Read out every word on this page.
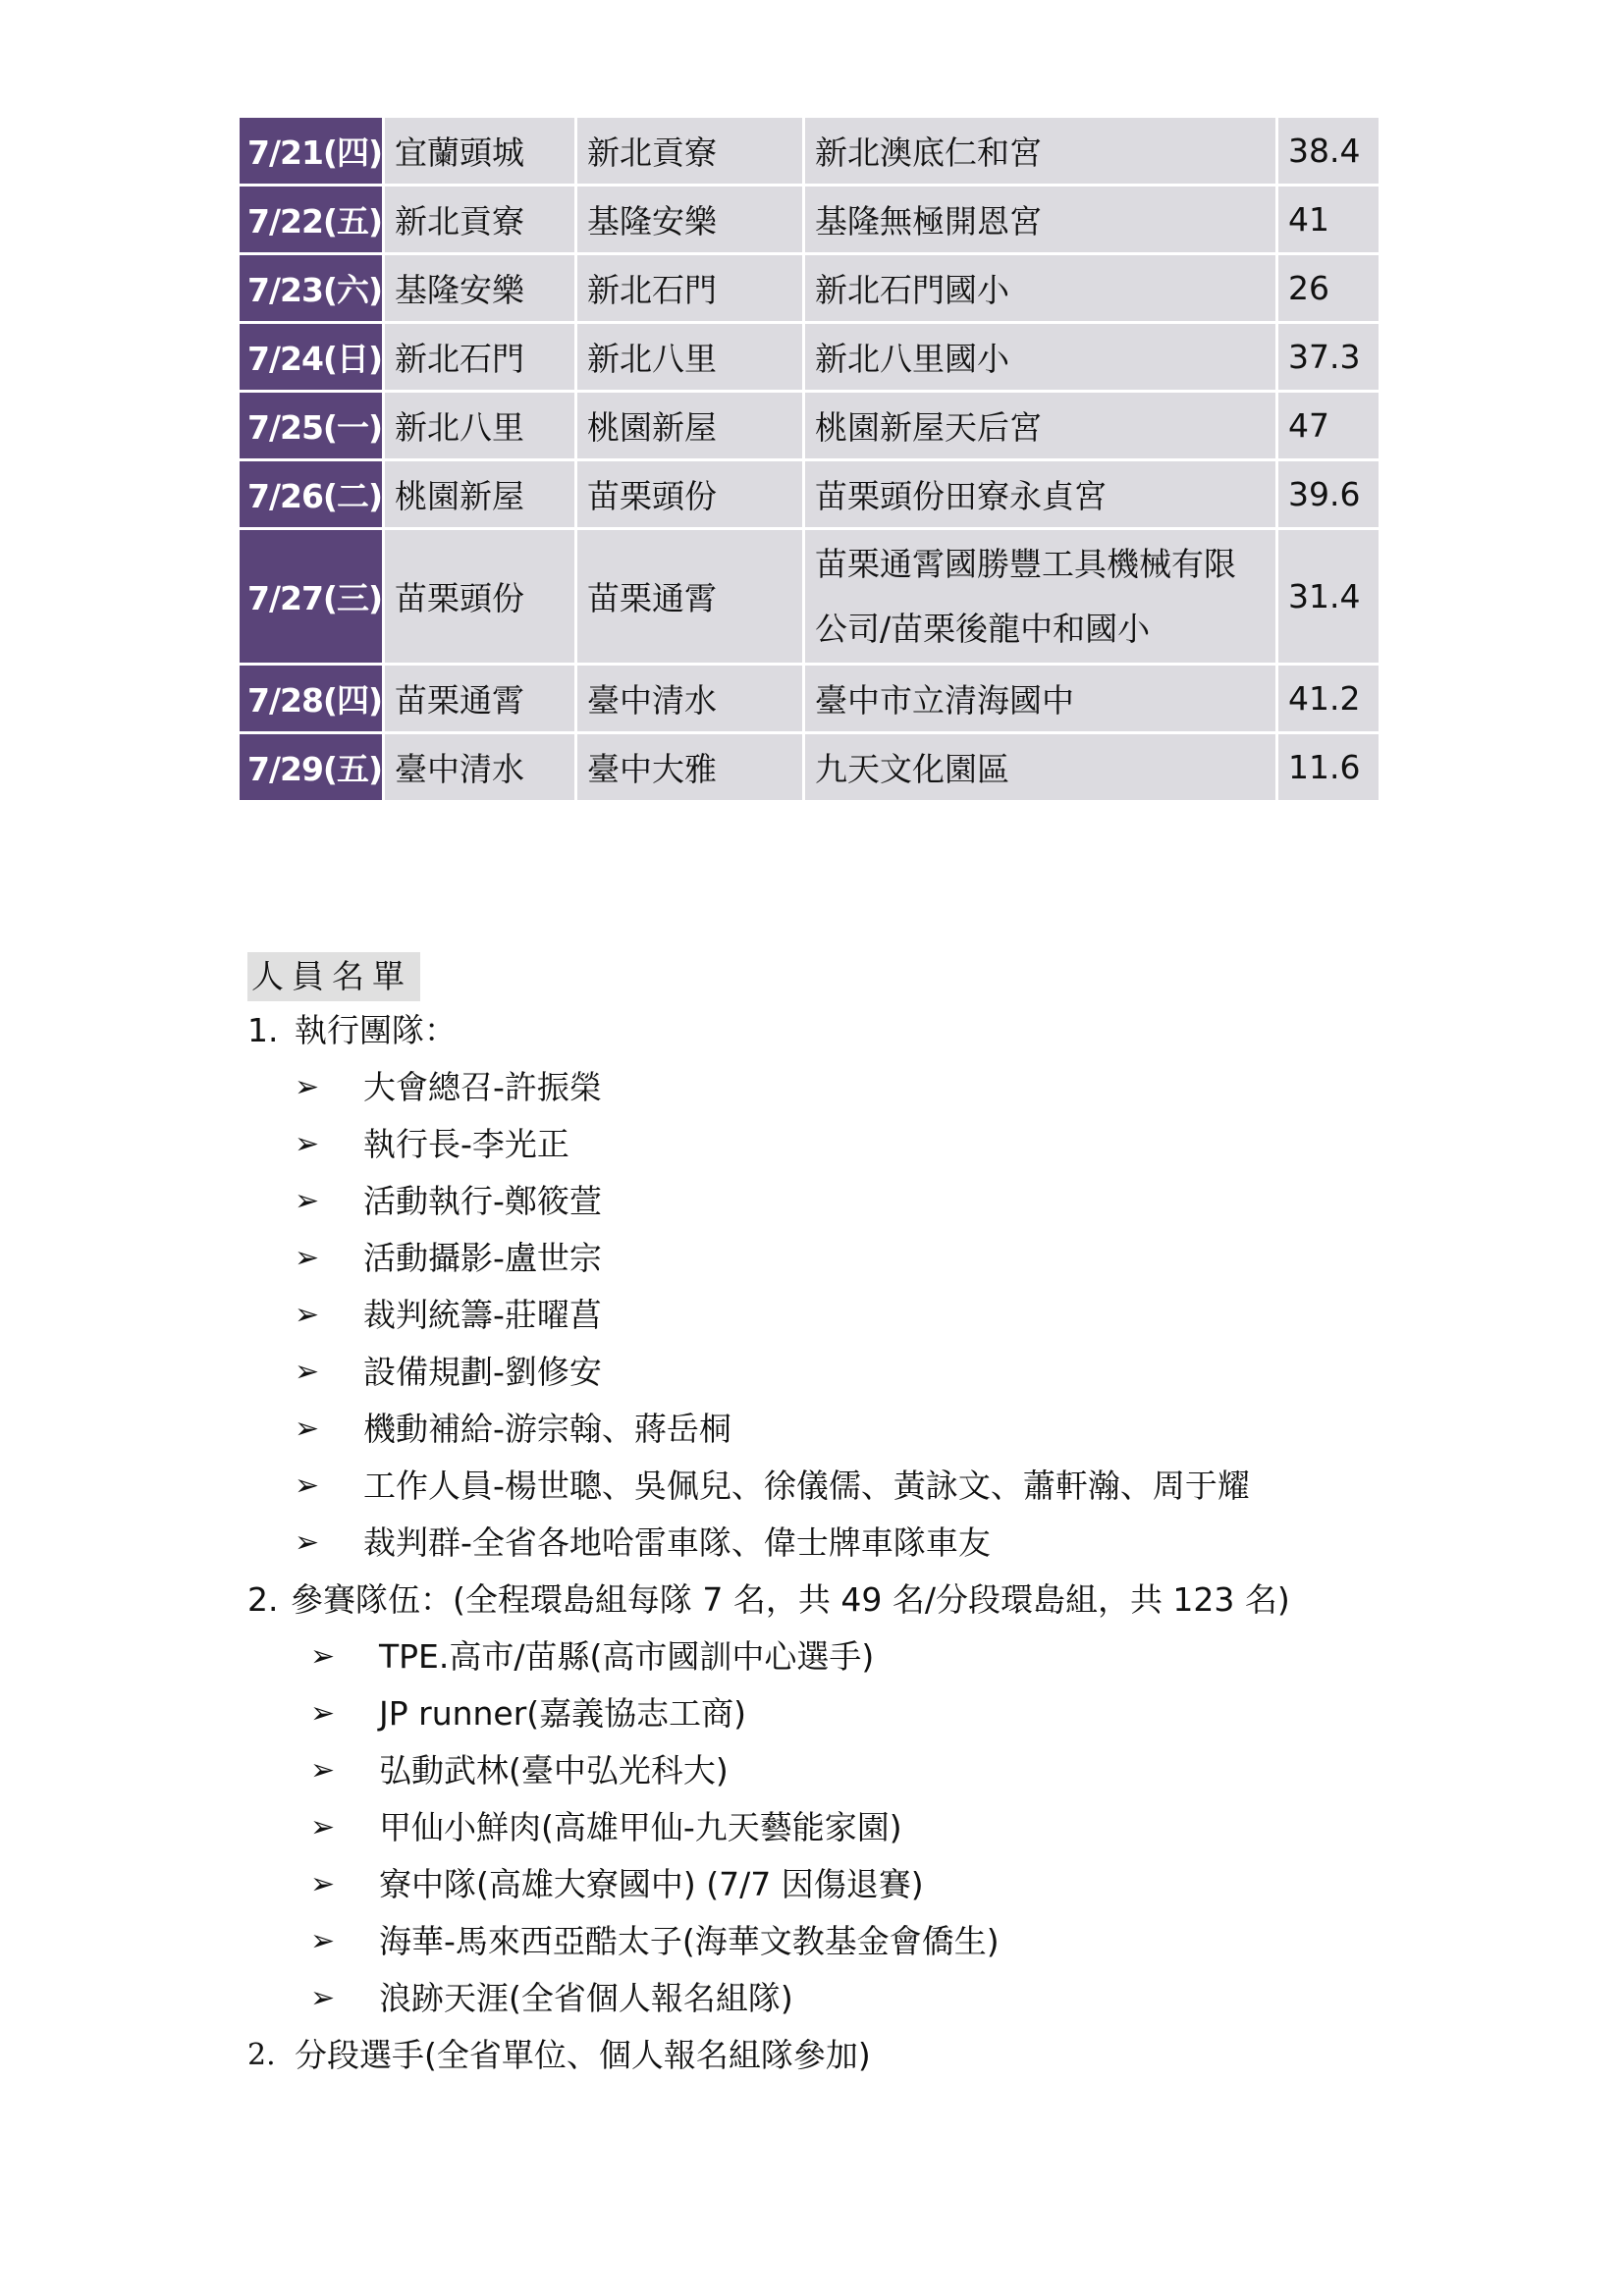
7/21(四)	宜蘭頭城	新北貢寮	新北澳底仁和宮	38.4
7/22(五)	新北貢寮	基隆安樂	基隆無極開恩宮	41
7/23(六)	基隆安樂	新北石門	新北石門國小	26
7/24(日)	新北石門	新北八里	新北八里國小	37.3
7/25(一)	新北八里	桃園新屋	桃園新屋天后宮	47
7/26(二)	桃園新屋	苗栗頭份	苗栗頭份田寮永貞宮	39.6
7/27(三)	苗栗頭份	苗栗通霄	苗栗通霄國勝豐工具機械有限
公司/苗栗後龍中和國小	31.4
7/28(四)	苗栗通霄	臺中清水	臺中市立清海國中	41.2
7/29(五)	臺中清水	臺中大雅	九天文化園區	11.6
人員名單
1. 執行團隊：
➢ 大會總召-許振榮
➢ 執行長-李光正
➢ 活動執行-鄭筱萱
➢ 活動攝影-盧世宗
➢ 裁判統籌-莊曜菖
➢ 設備規劃-劉修安
➢ 機動補給-游宗翰、蔣岳桐
➢ 工作人員-楊世聰、吳佩兒、徐儀儒、黃詠文、蕭軒瀚、周于耀
➢ 裁判群-全省各地哈雷車隊、偉士牌車隊車友
2. 參賽隊伍：(全程環島組每隊 7 名，共 49 名/分段環島組，共 123 名)
➢ TPE.高市/苗縣(高市國訓中心選手)
➢ JP runner(嘉義協志工商)
➢ 弘動武林(臺中弘光科大)
➢ 甲仙小鮮肉(高雄甲仙-九天藝能家園)
➢ 寮中隊(高雄大寮國中) (7/7 因傷退賽)
➢ 海華-馬來西亞酷太子(海華文教基金會僑生)
➢ 浪跡天涯(全省個人報名組隊)
2. 分段選手(全省單位、個人報名組隊參加)
